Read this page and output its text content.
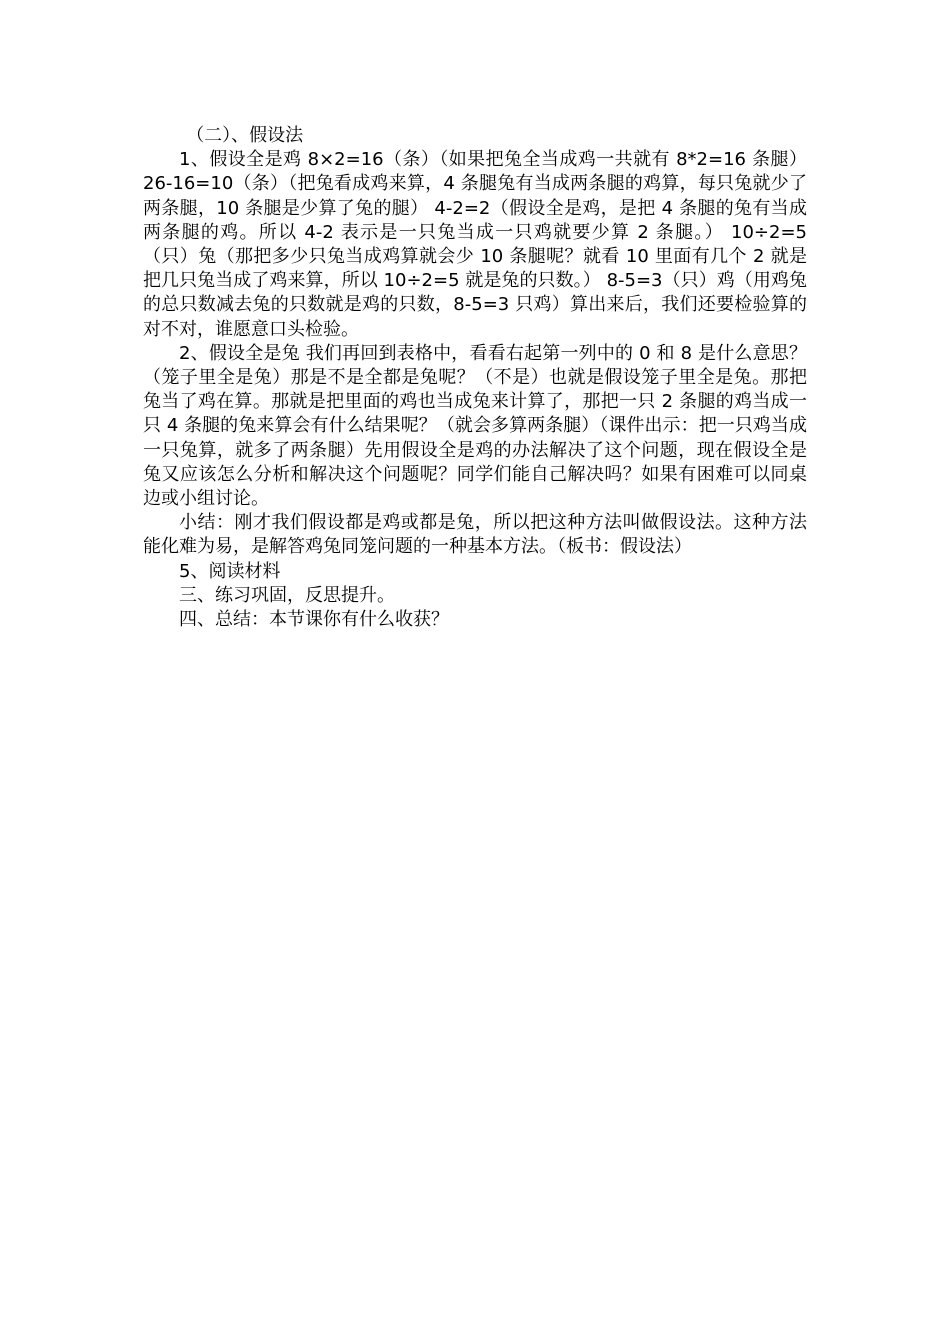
（二）、假设法

1、假设全是鸡 8×2=16（条）（如果把兔全当成鸡一共就有 8*2=16 条腿） 26-16=10（条）（把兔看成鸡来算，4 条腿兔有当成两条腿的鸡算，每只兔就少了两条腿，10 条腿是少算了兔的腿） 4-2=2（假设全是鸡，是把 4 条腿的兔有当成两条腿的鸡。所以 4-2 表示是一只兔当成一只鸡就要少算 2 条腿。） 10÷2=5（只）兔（那把多少只兔当成鸡算就会少 10 条腿呢？就看 10 里面有几个 2 就是把几只兔当成了鸡来算，所以 10÷2=5 就是兔的只数。） 8-5=3（只）鸡（用鸡兔的总只数减去兔的只数就是鸡的只数，8-5=3 只鸡）算出来后，我们还要检验算的对不对，谁愿意口头检验。

2、假设全是兔 我们再回到表格中，看看右起第一列中的 0 和 8 是什么意思？（笼子里全是兔）那是不是全都是兔呢？（不是）也就是假设笼子里全是兔。那把兔当了鸡在算。那就是把里面的鸡也当成兔来计算了，那把一只 2 条腿的鸡当成一只 4 条腿的兔来算会有什么结果呢？（就会多算两条腿）（课件出示：把一只鸡当成一只兔算，就多了两条腿）先用假设全是鸡的办法解决了这个问题，现在假设全是兔又应该怎么分析和解决这个问题呢？同学们能自己解决吗？如果有困难可以同桌边或小组讨论。

小结：刚才我们假设都是鸡或都是兔，所以把这种方法叫做假设法。这种方法能化难为易，是解答鸡兔同笼问题的一种基本方法。（板书：假设法）

5、阅读材料

三、练习巩固，反思提升。

四、总结：本节课你有什么收获？
